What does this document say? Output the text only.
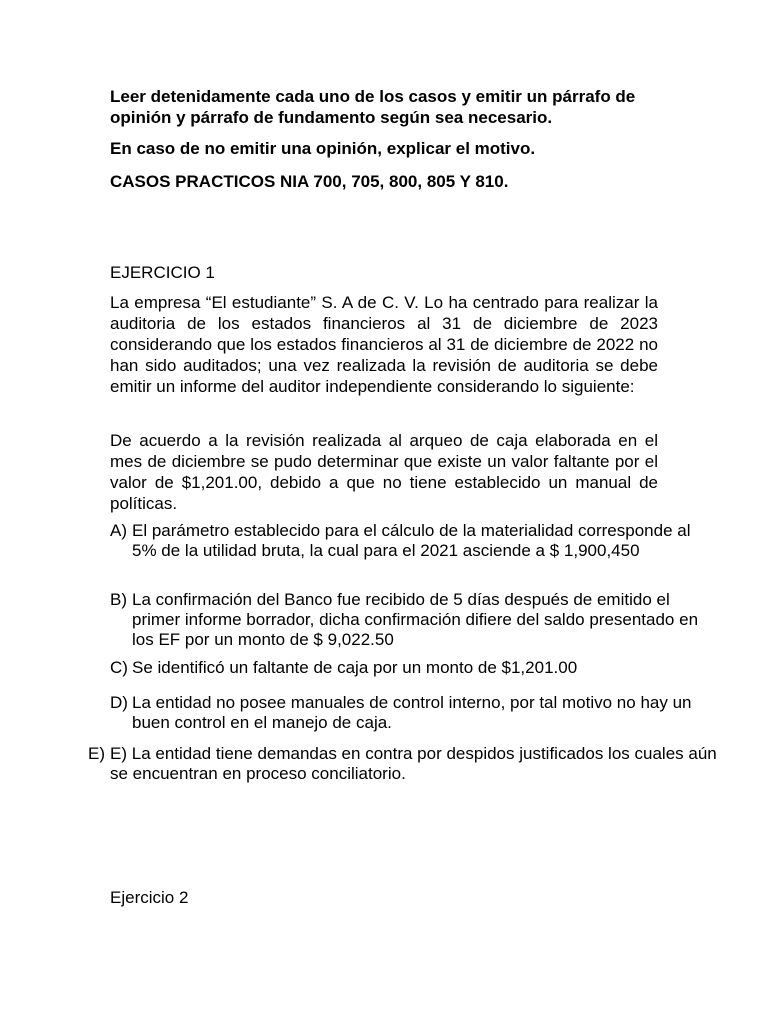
Leer detenidamente cada uno de los casos y emitir un párrafo de opinión y párrafo de fundamento según sea necesario.

En caso de no emitir una opinión, explicar el motivo.

CASOS PRACTICOS NIA 700, 705, 800, 805 Y 810.

EJERCICIO 1

La empresa “El estudiante” S. A de C. V. Lo ha centrado para realizar la auditoria de los estados financieros al 31 de diciembre de 2023 considerando que los estados financieros al 31 de diciembre de 2022 no han sido auditados; una vez realizada la revisión de auditoria se debe emitir un informe del auditor independiente considerando lo siguiente:

De acuerdo a la revisión realizada al arqueo de caja elaborada en el mes de diciembre se pudo determinar que existe un valor faltante por el valor de $1,201.00, debido a que no tiene establecido un manual de políticas.

A) El parámetro establecido para el cálculo de la materialidad corresponde al 5% de la utilidad bruta, la cual para el 2021 asciende a $ 1,900,450
B) La confirmación del Banco fue recibido de 5 días después de emitido el primer informe borrador, dicha confirmación difiere del saldo presentado en los EF por un monto de $ 9,022.50
C) Se identificó un faltante de caja por un monto de $1,201.00
D) La entidad no posee manuales de control interno, por tal motivo no hay un buen control en el manejo de caja.
E) E) La entidad tiene demandas en contra por despidos justificados los cuales aún se encuentran en proceso conciliatorio.

Ejercicio 2
